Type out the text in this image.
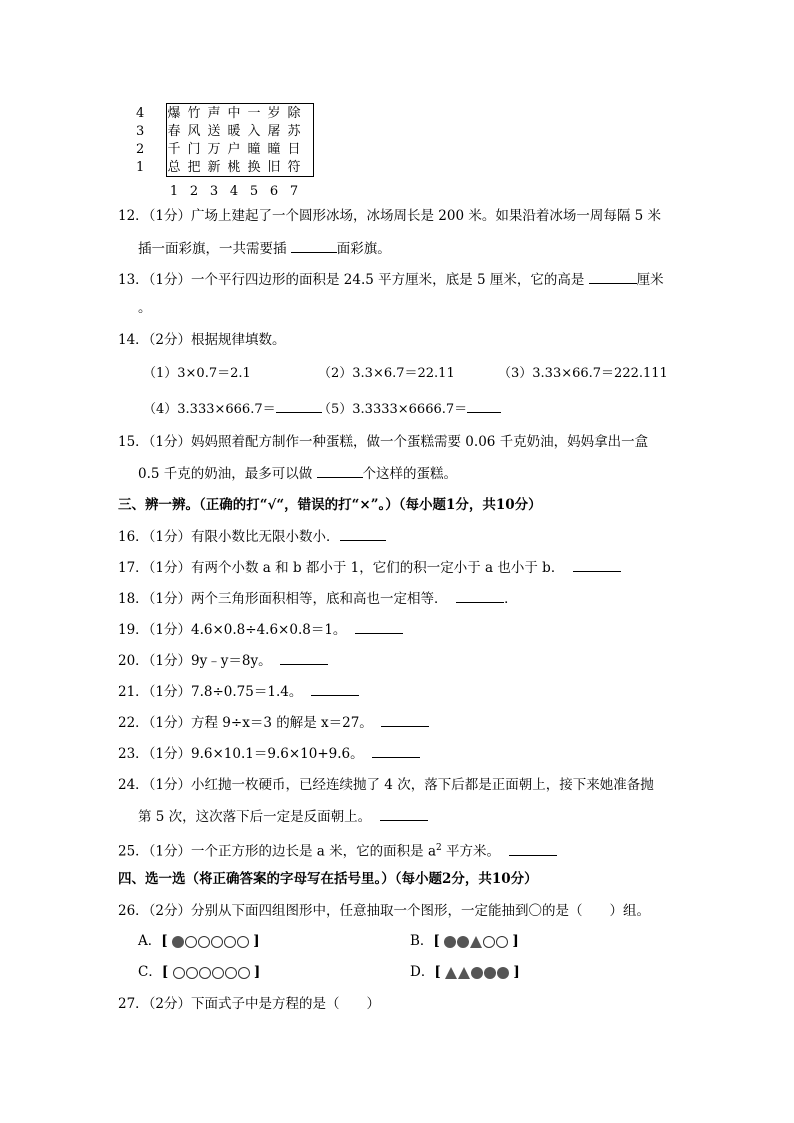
4 爆 竹 声 中 一 岁 除
3 春 风 送 暖 入 屠 苏
2 千 门 万 户 曈 曈 日
1 总 把 新 桃 换 旧 符
1 2 3 4 5 6 7
12．（1分）广场上建起了一个圆形冰场，冰场周长是 200 米。如果沿着冰场一周每隔 5 米
插一面彩旗，一共需要插	面彩旗。
13．（1分）一个平行四边形的面积是 24.5 平方厘米，底是 5 厘米，它的高是	厘米
。
14．（2分）根据规律填数。
（1）3×0.7＝2.1	（2）3.3×6.7＝22.11	（3）3.33×66.7＝222.111
（4）3.333×666.7＝	（5）3.3333×6666.7＝
15．（1分）妈妈照着配方制作一种蛋糕，做一个蛋糕需要 0.06 千克奶油，妈妈拿出一盒
0.5 千克的奶油，最多可以做	个这样的蛋糕。
三、辨一辨。（正确的打“√“，错误的打“×”。）（每小题1分，共10分）
16．（1分）有限小数比无限小数小．
17．（1分）有两个小数 a 和 b 都小于 1，它们的积一定小于 a 也小于 b．
18．（1分）两个三角形面积相等，底和高也一定相等．	．
19．（1分）4.6×0.8÷4.6×0.8＝1。
20．（1分）9y﹣y＝8y。
21．（1分）7.8÷0.75＝1.4。
22．（1分）方程 9÷x＝3 的解是 x＝27。
23．（1分）9.6×10.1＝9.6×10+9.6。
24．（1分）小红抛一枚硬币，已经连续抛了 4 次，落下后都是正面朝上，接下来她准备抛
第 5 次，这次落下后一定是反面朝上。
25．（1分）一个正方形的边长是 a 米，它的面积是 $a^2$ 平方米。
四、选一选（将正确答案的字母写在括号里。）（每小题2分，共10分）
26．（2分）分别从下面四组图形中，任意抽取一个图形，一定能抽到〇的是（　　）组。
A．[	]	B．[	]
C．[	]	D．[	]
27．（2分）下面式子中是方程的是（　　）
